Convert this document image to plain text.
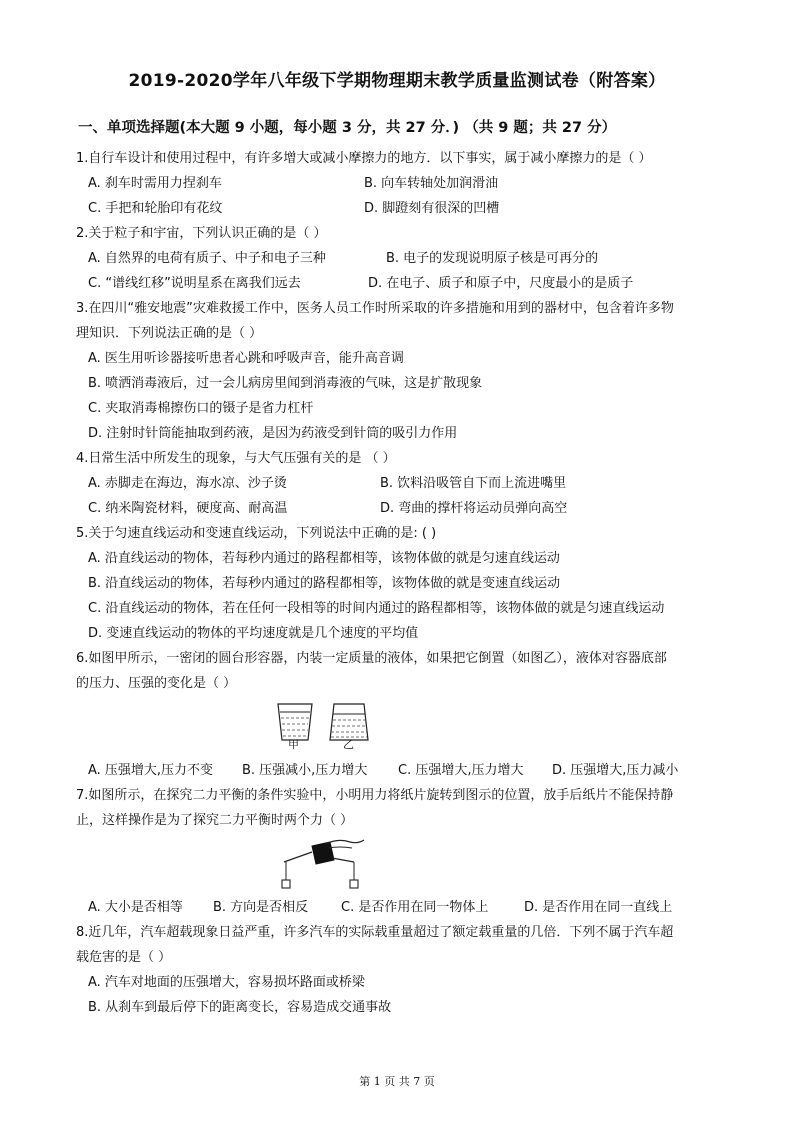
2019-2020学年八年级下学期物理期末教学质量监测试卷（附答案）
一、单项选择题(本大题 9 小题，每小题 3 分，共 27 分．) （共 9 题；共 27 分）
1.自行车设计和使用过程中，有许多增大或减小摩擦力的地方．以下事实，属于减小摩擦力的是（ ）
A. 刹车时需用力捏刹车	B. 向车转轴处加润滑油
C. 手把和轮胎印有花纹	D. 脚蹬刻有很深的凹槽
2.关于粒子和宇宙，下列认识正确的是（ ）
A. 自然界的电荷有质子、中子和电子三种	B. 电子的发现说明原子核是可再分的
C. “谱线红移”说明星系在离我们远去	D. 在电子、质子和原子中，尺度最小的是质子
3.在四川“雅安地震”灾难救援工作中，医务人员工作时所采取的许多措施和用到的器材中，包含着许多物
理知识．下列说法正确的是（ ）
A. 医生用听诊器接听患者心跳和呼吸声音，能升高音调
B. 喷洒消毒液后，过一会儿病房里闻到消毒液的气味，这是扩散现象
C. 夹取消毒棉擦伤口的镊子是省力杠杆
D. 注射时针筒能抽取到药液，是因为药液受到针筒的吸引力作用
4.日常生活中所发生的现象，与大气压强有关的是 （ ）
A. 赤脚走在海边，海水凉、沙子烫	B. 饮料沿吸管自下而上流进嘴里
C. 纳米陶瓷材料，硬度高、耐高温	D. 弯曲的撑杆将运动员弹向高空
5.关于匀速直线运动和变速直线运动，下列说法中正确的是: ( )
A. 沿直线运动的物体，若每秒内通过的路程都相等，该物体做的就是匀速直线运动
B. 沿直线运动的物体，若每秒内通过的路程都相等，该物体做的就是变速直线运动
C. 沿直线运动的物体，若在任何一段相等的时间内通过的路程都相等，该物体做的就是匀速直线运动
D. 变速直线运动的物体的平均速度就是几个速度的平均值
6.如图甲所示，一密闭的圆台形容器，内装一定质量的液体，如果把它倒置（如图乙），液体对容器底部
的压力、压强的变化是（ ）
甲	乙
A. 压强增大,压力不变 B. 压强减小,压力增大 C. 压强增大,压力增大 D. 压强增大,压力减小
7.如图所示，在探究二力平衡的条件实验中，小明用力将纸片旋转到图示的位置，放手后纸片不能保持静
止，这样操作是为了探究二力平衡时两个力（ ）
A. 大小是否相等 B. 方向是否相反	C. 是否作用在同一物体上	D. 是否作用在同一直线上
8.近几年，汽车超载现象日益严重，许多汽车的实际载重量超过了额定载重量的几倍．下列不属于汽车超
载危害的是（ ）
A. 汽车对地面的压强增大，容易损坏路面或桥梁
B. 从刹车到最后停下的距离变长，容易造成交通事故
第 1 页 共 7 页
